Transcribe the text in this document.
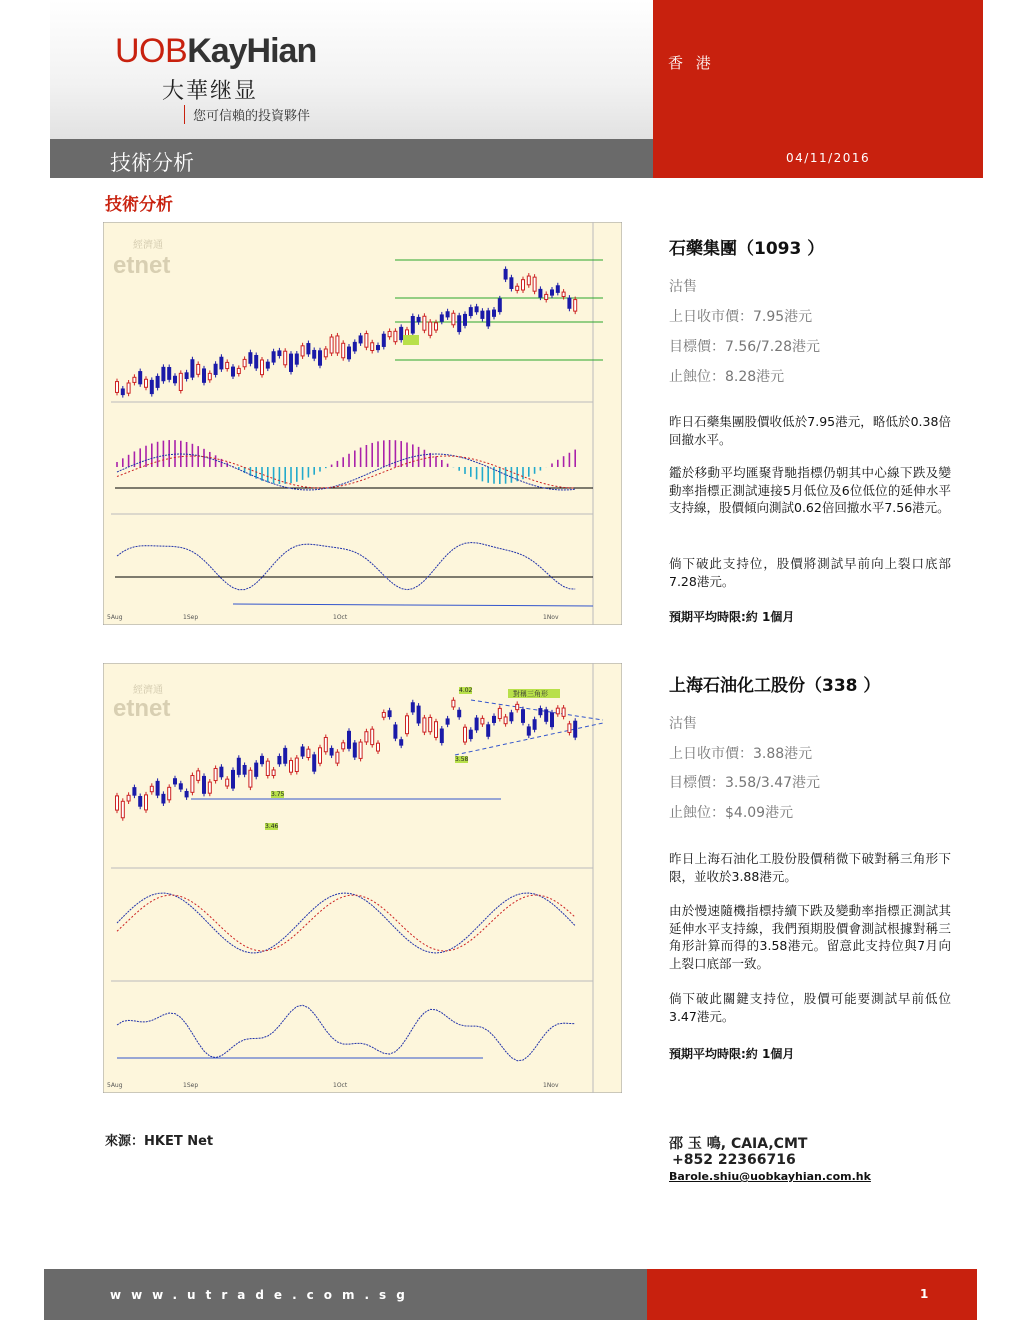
UOBKayHian
大華继显
您可信賴的投資夥伴
香 港
技術分析	04/11/2016
技術分析
經濟通
etnet
5Aug	1Sep	1Oct	1Nov
經濟通
etnet
對稱三角形
4.02
3.75
3.58
3.46
5Aug	1Sep	1Oct	1Nov
石藥集團（1093 ）
沽售
上日收市價：7.95港元
目標價：7.56/7.28港元
止蝕位：8.28港元
昨日石藥集團股價收低於7.95港元，略低於0.38倍回撤水平。
鑑於移動平均匯聚背馳指標仍朝其中心線下跌及變動率指標正測試連接5月低位及6位低位的延伸水平支持線，股價傾向測試0.62倍回撤水平7.56港元。
倘下破此支持位，股價將測試早前向上裂口底部7.28港元。
預期平均時限:約 1個月
上海石油化工股份（338 ）
沽售
上日收市價：3.88港元
目標價：3.58/3.47港元
止蝕位：$4.09港元
昨日上海石油化工股份股價稍微下破對稱三角形下限，並收於3.88港元。
由於慢速隨機指標持續下跌及變動率指標正測試其延伸水平支持線，我們預期股價會測試根據對稱三角形計算而得的3.58港元。留意此支持位與7月向上裂口底部一致。
倘下破此關鍵支持位，股價可能要測試早前低位3.47港元。
預期平均時限:約 1個月
來源：HKET Net	邵 玉 鳴, CAIA,CMT
+852 22366716
Barole.shiu@uobkayhian.com.hk
www.utrade.com.sg	1
